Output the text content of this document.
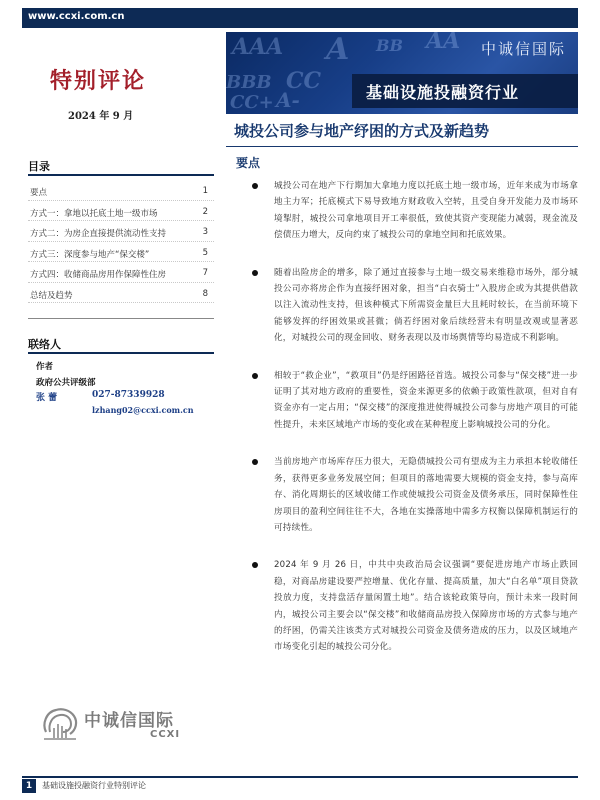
www.ccxi.com.cn
AAA
BBB CC
A
CC+
BB
A-
AA 中诚信国际
基础设施投融资行业
特别评论
2024 年 9 月
城投公司参与地产纾困的方式及新趋势
要点
目录
要点	1
方式一：拿地以托底土地一级市场	2
方式二：为房企直接提供流动性支持	3
方式三：深度参与地产“保交楼”	5
方式四：收储商品房用作保障性住房	7
总结及趋势	8
联络人
作者
政府公共评级部
张 蕾	027-87339928
lzhang02@ccxi.com.cn
城投公司在地产下行期加大拿地力度以托底土地一级市场，近年来成为市场拿地主力军；托底模式下易导致地方财政收入空转，且受自身开发能力及市场环境掣肘，城投公司拿地项目开工率很低，致使其资产变现能力减弱，现金流及偿债压力增大，反向约束了城投公司的拿地空间和托底效果。
随着出险房企的增多，除了通过直接参与土地一级交易来维稳市场外，部分城投公司亦将房企作为直接纾困对象，担当“白衣骑士”入股房企或为其提供借款以注入流动性支持，但该种模式下所需资金量巨大且耗时较长，在当前环境下能够发挥的纾困效果或甚微；倘若纾困对象后续经营未有明显改观或显著恶化，对城投公司的现金回收、财务表现以及市场舆情等均易造成不利影响。
相较于“救企业”，“救项目”仍是纾困路径首选。城投公司参与“保交楼”进一步证明了其对地方政府的重要性，资金来源更多的依赖于政策性款项，但对自有资金亦有一定占用；“保交楼”的深度推进使得城投公司参与房地产项目的可能性提升，未来区域地产市场的变化或在某种程度上影响城投公司的分化。
当前房地产市场库存压力很大，无隐债城投公司有望成为主力承担本轮收储任务，获得更多业务发展空间；但项目的落地需要大规模的资金支持，参与高库存、消化周期长的区域收储工作或使城投公司资金及债务承压，同时保障性住房项目的盈利空间往往不大，各地在实操落地中需多方权衡以保障机制运行的可持续性。
2024 年 9 月 26 日，中共中央政治局会议强调“要促进房地产市场止跌回稳，对商品房建设要严控增量、优化存量、提高质量，加大“白名单”项目贷款投放力度，支持盘活存量闲置土地”。结合该轮政策导向，预计未来一段时间内，城投公司主要会以“保交楼”和收储商品房投入保障房市场的方式参与地产的纾困，仍需关注该类方式对城投公司资金及债务造成的压力，以及区域地产市场变化引起的城投公司分化。
中诚信国际
CCXI
1	基础设施投融资行业特别评论
